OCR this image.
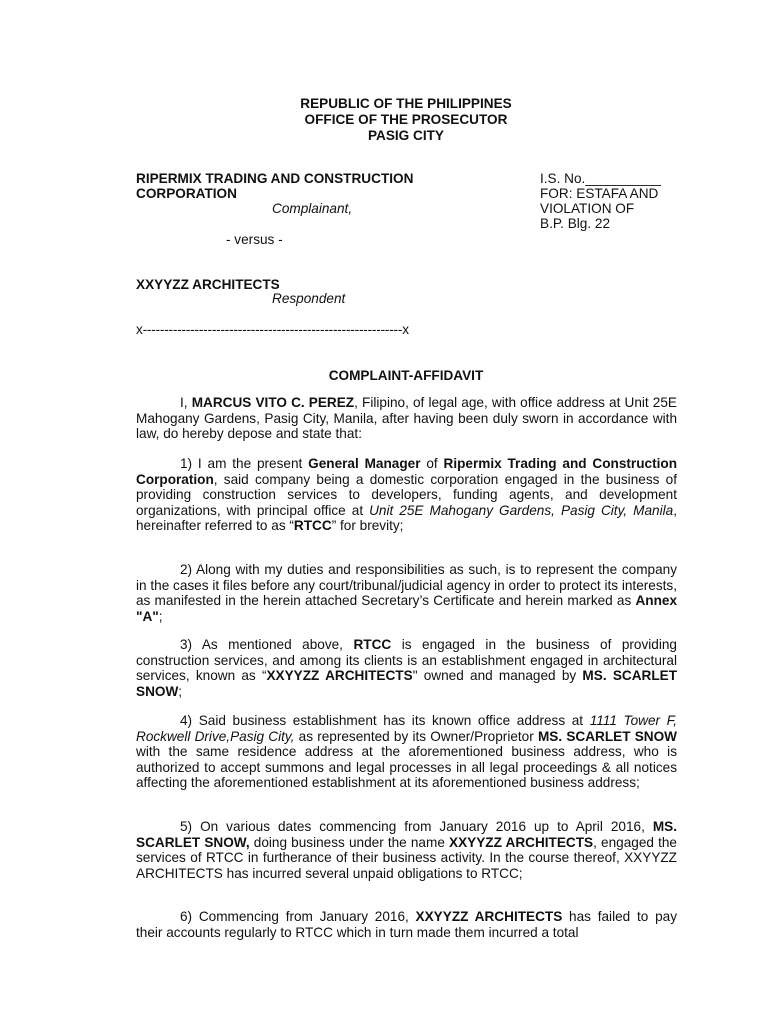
REPUBLIC OF THE PHILIPPINES
OFFICE OF THE PROSECUTOR
PASIG CITY
RIPERMIX TRADING AND CONSTRUCTION
CORPORATION
Complainant,
I.S. No.__________
FOR: ESTAFA AND
VIOLATION OF
B.P. Blg. 22
- versus -
XXYYZZ ARCHITECTS
Respondent
x------------------------------------------------------------x
COMPLAINT-AFFIDAVIT
I, MARCUS VITO C. PEREZ, Filipino, of legal age, with office address at Unit 25E Mahogany Gardens, Pasig City, Manila, after having been duly sworn in accordance with law, do hereby depose and state that:
1) I am the present General Manager of Ripermix Trading and Construction Corporation, said company being a domestic corporation engaged in the business of providing construction services to developers, funding agents, and development organizations, with principal office at Unit 25E Mahogany Gardens, Pasig City, Manila, hereinafter referred to as “RTCC” for brevity;
2) Along with my duties and responsibilities as such, is to represent the company in the cases it files before any court/tribunal/judicial agency in order to protect its interests, as manifested in the herein attached Secretary’s Certificate and herein marked as Annex "A";
3) As mentioned above, RTCC is engaged in the business of providing construction services, and among its clients is an establishment engaged in architectural services, known as “XXYYZZ ARCHITECTS" owned and managed by MS. SCARLET SNOW;
4) Said business establishment has its known office address at 1111 Tower F, Rockwell Drive,Pasig City, as represented by its Owner/Proprietor MS. SCARLET SNOW with the same residence address at the aforementioned business address, who is authorized to accept summons and legal processes in all legal proceedings & all notices affecting the aforementioned establishment at its aforementioned business address;
5) On various dates commencing from January 2016 up to April 2016, MS. SCARLET SNOW, doing business under the name XXYYZZ ARCHITECTS, engaged the services of RTCC in furtherance of their business activity. In the course thereof, XXYYZZ ARCHITECTS has incurred several unpaid obligations to RTCC;
6) Commencing from January 2016, XXYYZZ ARCHITECTS has failed to pay their accounts regularly to RTCC which in turn made them incurred a total
